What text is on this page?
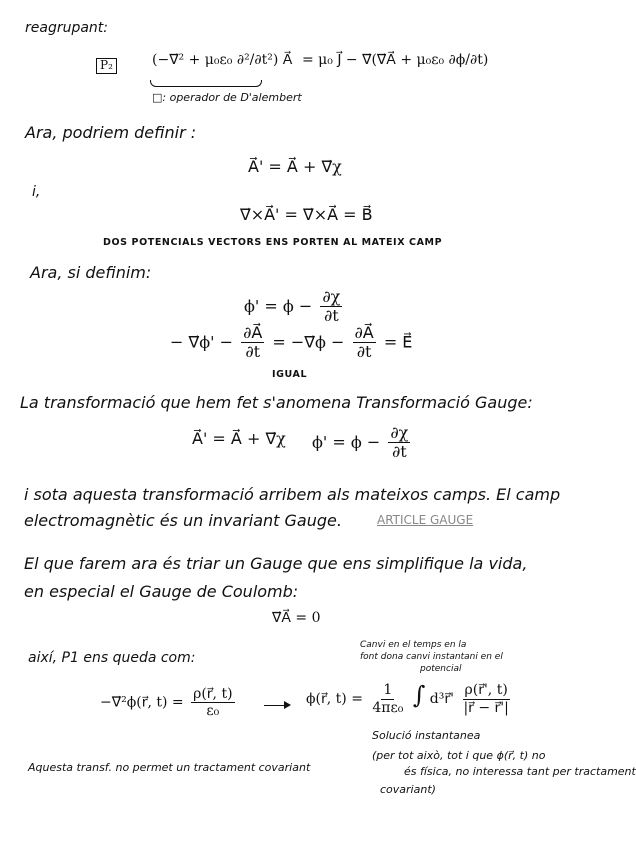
reagrupant:
P₂	(−∇⃗² + μ₀ε₀ ∂²/∂t²) A⃗ = μ₀ J⃗ − ∇⃗(∇⃗A⃗ + μ₀ε₀ ∂ϕ/∂t)
□: operador de D'alembert
Ara, podriem definir :
A⃗' = A⃗ + ∇⃗χ
i,
∇⃗×A⃗' = ∇⃗×A⃗ = B⃗
DOS POTENCIALS VECTORS ENS PORTEN AL MATEIX CAMP
Ara, si definim:
$\phi' = \phi - \frac{\partial\chi}{\partial t}$
− ∇⃗ϕ' − $\frac{\partial A⃗}{\partial t}$ = −∇⃗ϕ − $\frac{\partial A⃗}{\partial t}$ = E⃗
IGUAL
La transformació que hem fet s'anomena Transformació Gauge:
A⃗' = A⃗ + ∇⃗χ $\phi' = \phi - \frac{\partial\chi}{\partial t}$
i sota aquesta transformació arribem als mateixos camps. El camp
electromagnètic és un invariant Gauge.	ARTICLE GAUGE
El que farem ara és triar un Gauge que ens simplifique la vida,
en especial el Gauge de Coulomb:
∇⃗A⃗ = 0
Canvi en el temps en la
font dona canvi instantani en el
potencial
així, P1 ens queda com:
−∇⃗²ϕ(r⃗, $t) = \frac{\rho(r⃗, t)}{\text{ε₀}}$	ϕ(r⃗, $t) = \frac{1}{\text{4πε₀}}$ ∫ d³r⃗' $\frac{\rho(r⃗', t)}{|r⃗ - r⃗'|}$
Solució instantanea
(per tot això, tot i que ϕ(r⃗, t) no
és física, no interessa tant per tractament
covariant)
Aquesta transf. no permet un tractament covariant
